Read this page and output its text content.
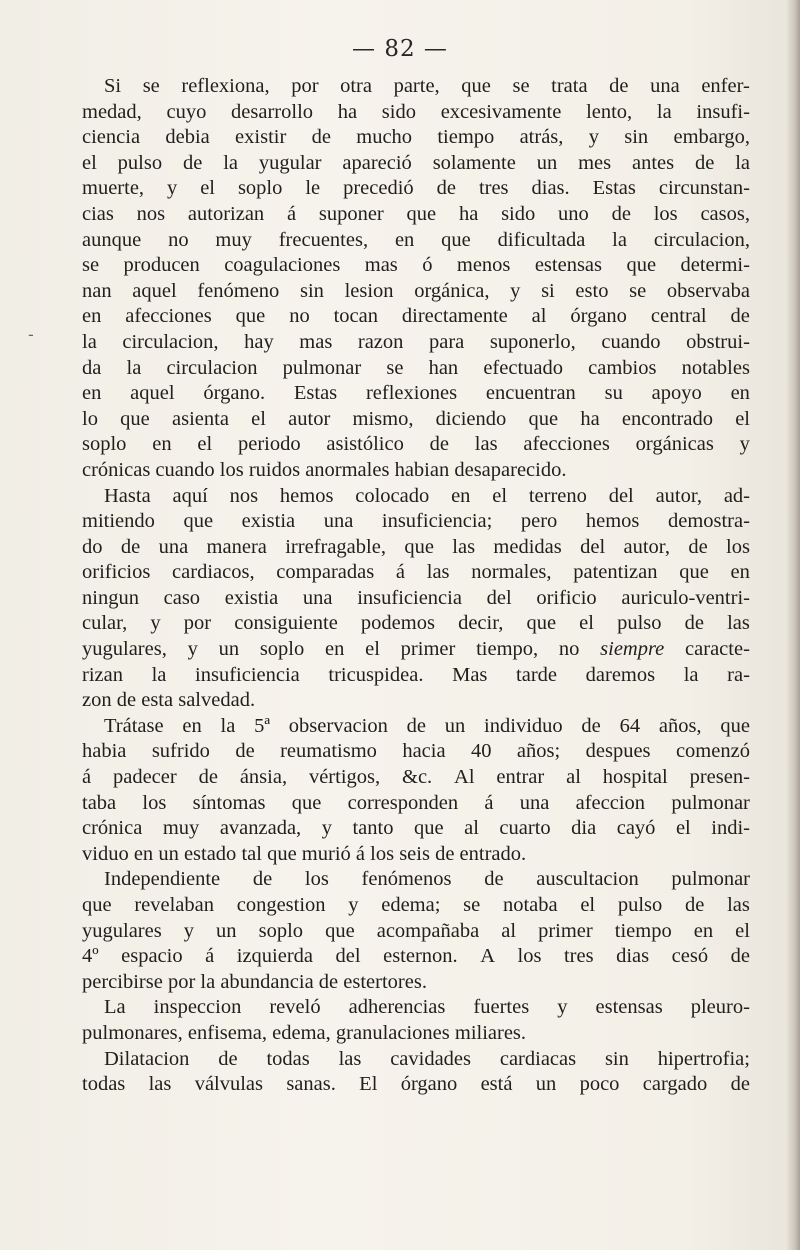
— 82 —
-
Si se reflexiona, por otra parte, que se trata de una enfer-
medad, cuyo desarrollo ha sido excesivamente lento, la insufi-
ciencia debia existir de mucho tiempo atrás, y sin embargo,
el pulso de la yugular apareció solamente un mes antes de la
muerte, y el soplo le precedió de tres dias. Estas circunstan-
cias nos autorizan á suponer que ha sido uno de los casos,
aunque no muy frecuentes, en que dificultada la circulacion,
se producen coagulaciones mas ó menos estensas que determi-
nan aquel fenómeno sin lesion orgánica, y si esto se observaba
en afecciones que no tocan directamente al órgano central de
la circulacion, hay mas razon para suponerlo, cuando obstrui-
da la circulacion pulmonar se han efectuado cambios notables
en aquel órgano. Estas reflexiones encuentran su apoyo en
lo que asienta el autor mismo, diciendo que ha encontrado el
soplo en el periodo asistólico de las afecciones orgánicas y
crónicas cuando los ruidos anormales habian desaparecido.
Hasta aquí nos hemos colocado en el terreno del autor, ad-
mitiendo que existia una insuficiencia; pero hemos demostra-
do de una manera irrefragable, que las medidas del autor, de los
orificios cardiacos, comparadas á las normales, patentizan que en
ningun caso existia una insuficiencia del orificio auriculo-ventri-
cular, y por consiguiente podemos decir, que el pulso de las
yugulares, y un soplo en el primer tiempo, no siempre caracte-
rizan la insuficiencia tricuspidea. Mas tarde daremos la ra-
zon de esta salvedad.
Trátase en la 5ª observacion de un individuo de 64 años, que
habia sufrido de reumatismo hacia 40 años; despues comenzó
á padecer de ánsia, vértigos, &c. Al entrar al hospital presen-
taba los síntomas que corresponden á una afeccion pulmonar
crónica muy avanzada, y tanto que al cuarto dia cayó el indi-
viduo en un estado tal que murió á los seis de entrado.
Independiente de los fenómenos de auscultacion pulmonar
que revelaban congestion y edema; se notaba el pulso de las
yugulares y un soplo que acompañaba al primer tiempo en el
4º espacio á izquierda del esternon. A los tres dias cesó de
percibirse por la abundancia de estertores.
La inspeccion reveló adherencias fuertes y estensas pleuro-
pulmonares, enfisema, edema, granulaciones miliares.
Dilatacion de todas las cavidades cardiacas sin hipertrofia;
todas las válvulas sanas. El órgano está un poco cargado de
